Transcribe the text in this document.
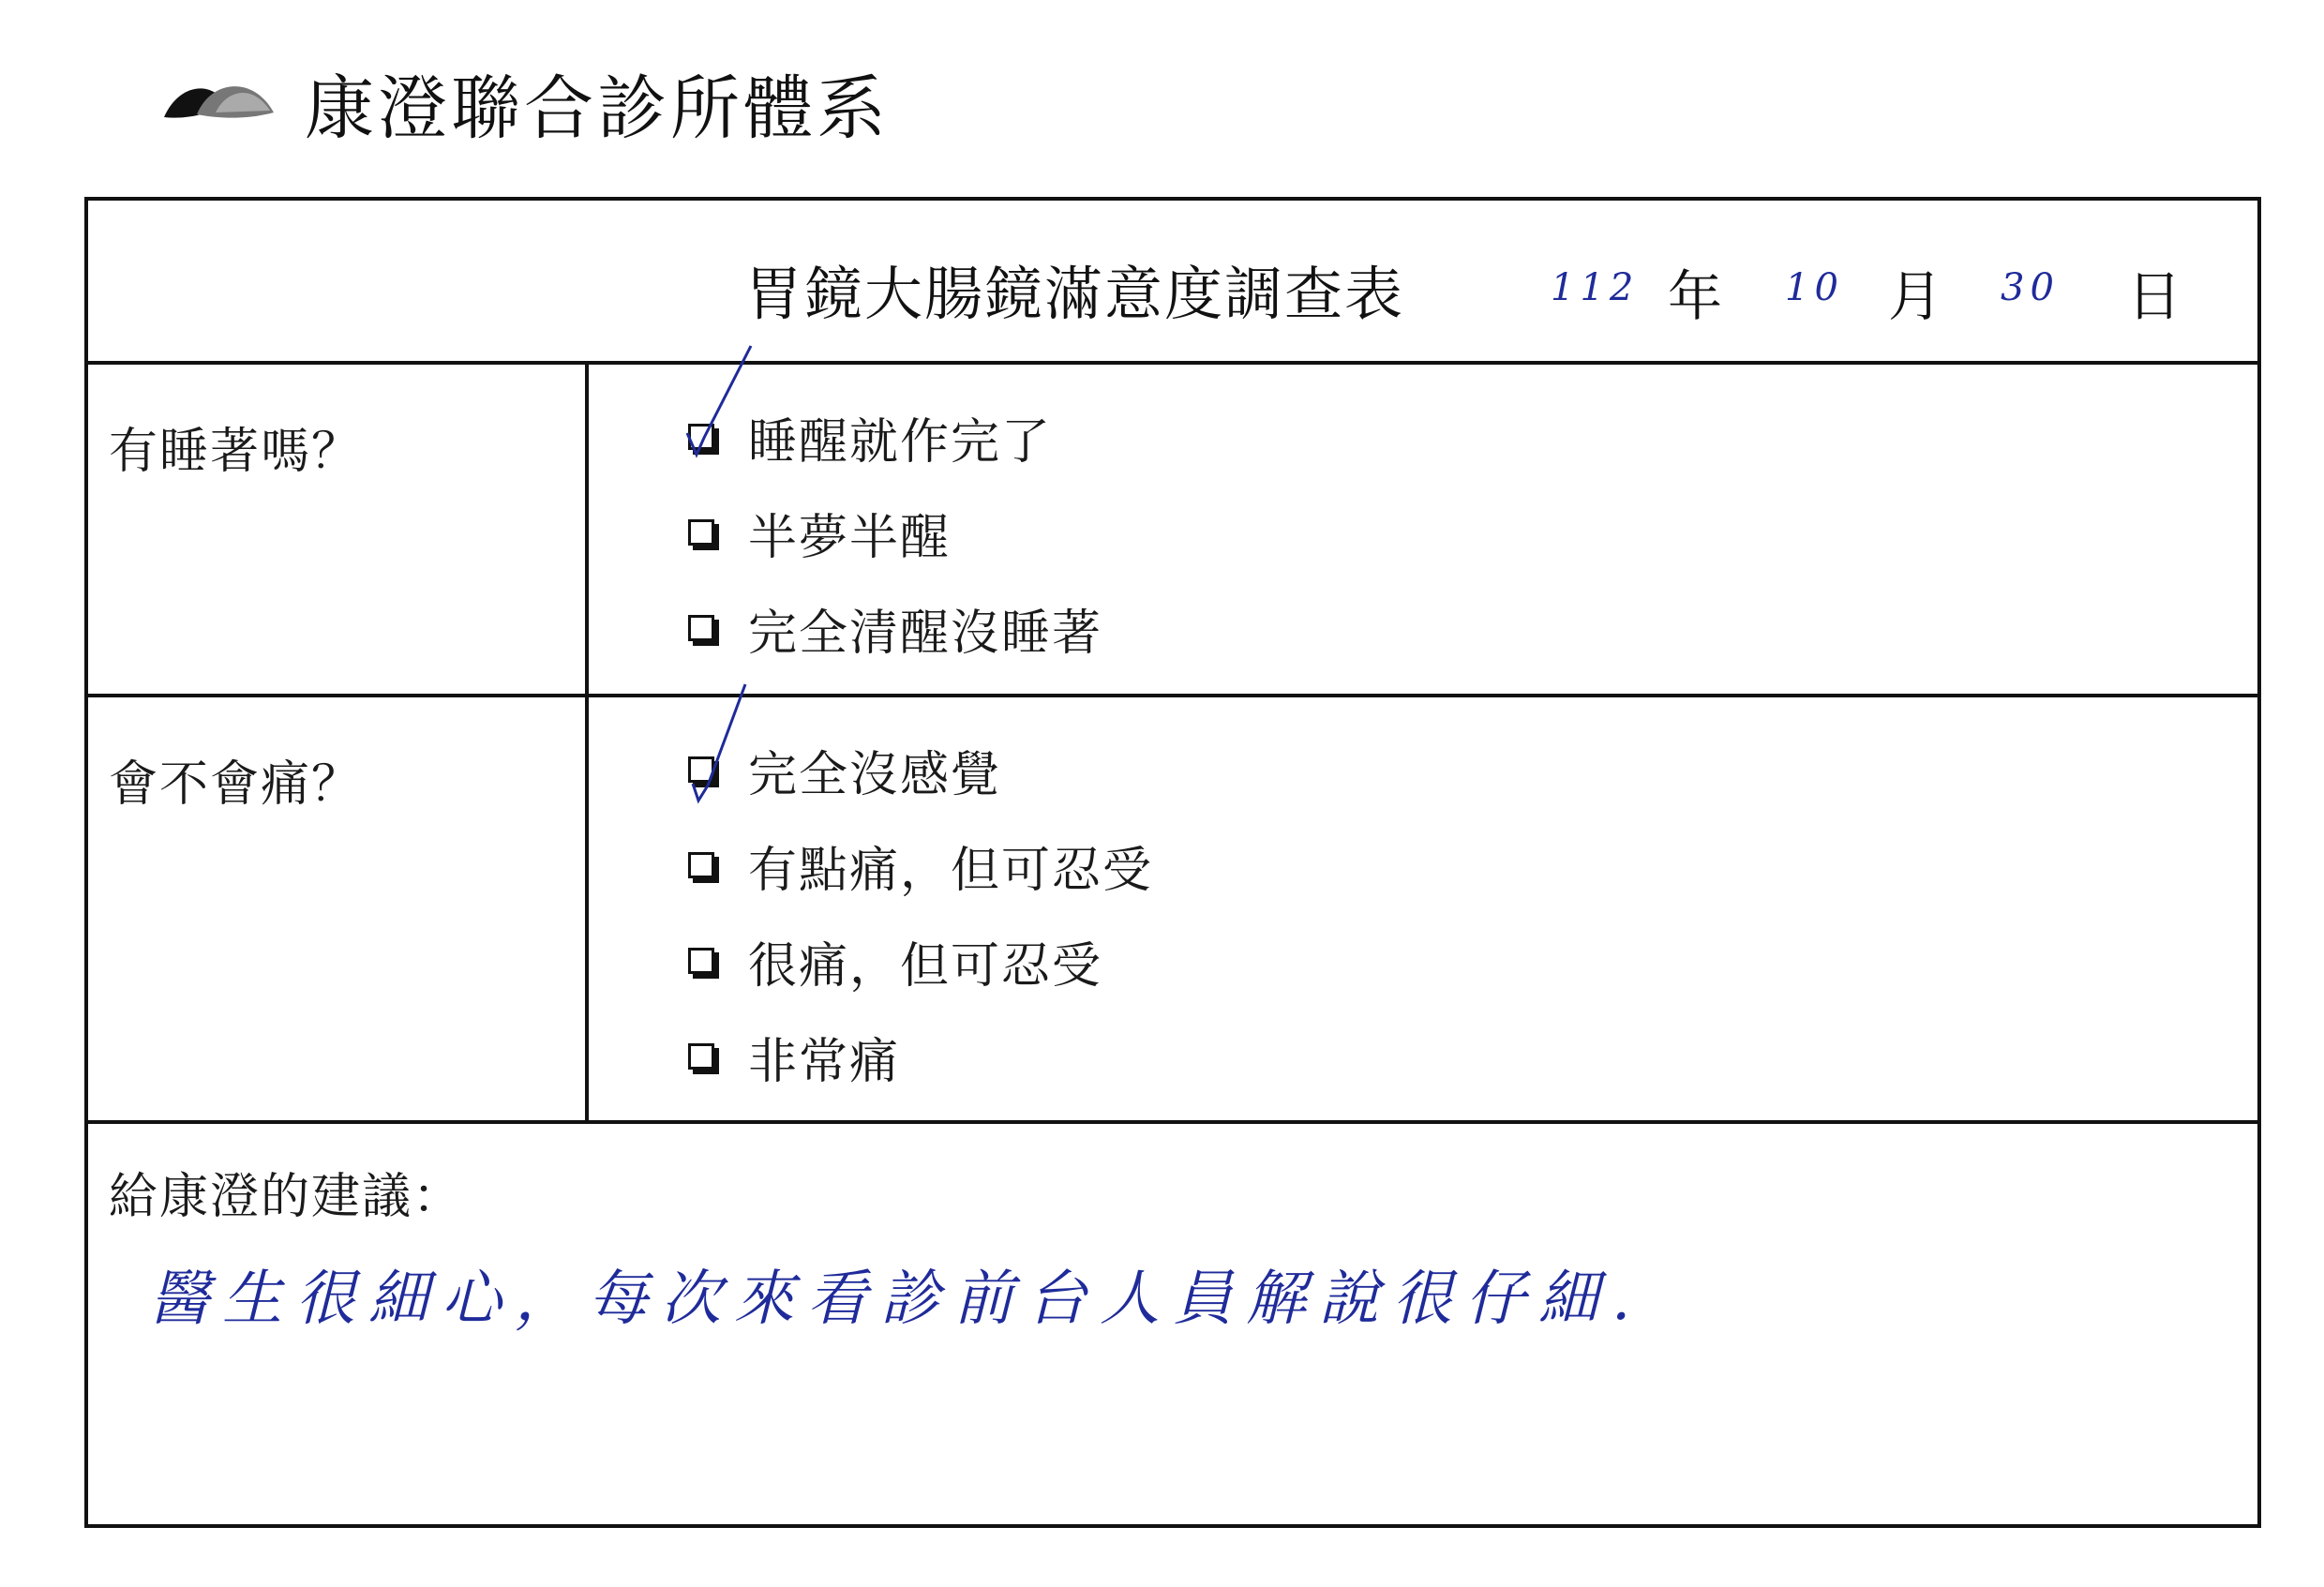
康澄聯合診所體系
胃鏡大腸鏡滿意度調查表	112 年 10 月 30 日
有睡著嗎？	睡醒就作完了
半夢半醒
完全清醒沒睡著
會不會痛？	完全沒感覺
有點痛，但可忍受
很痛，但可忍受
非常痛
給康澄的建議：
醫生很細心，每次來看診前台人員解說很仔細.
